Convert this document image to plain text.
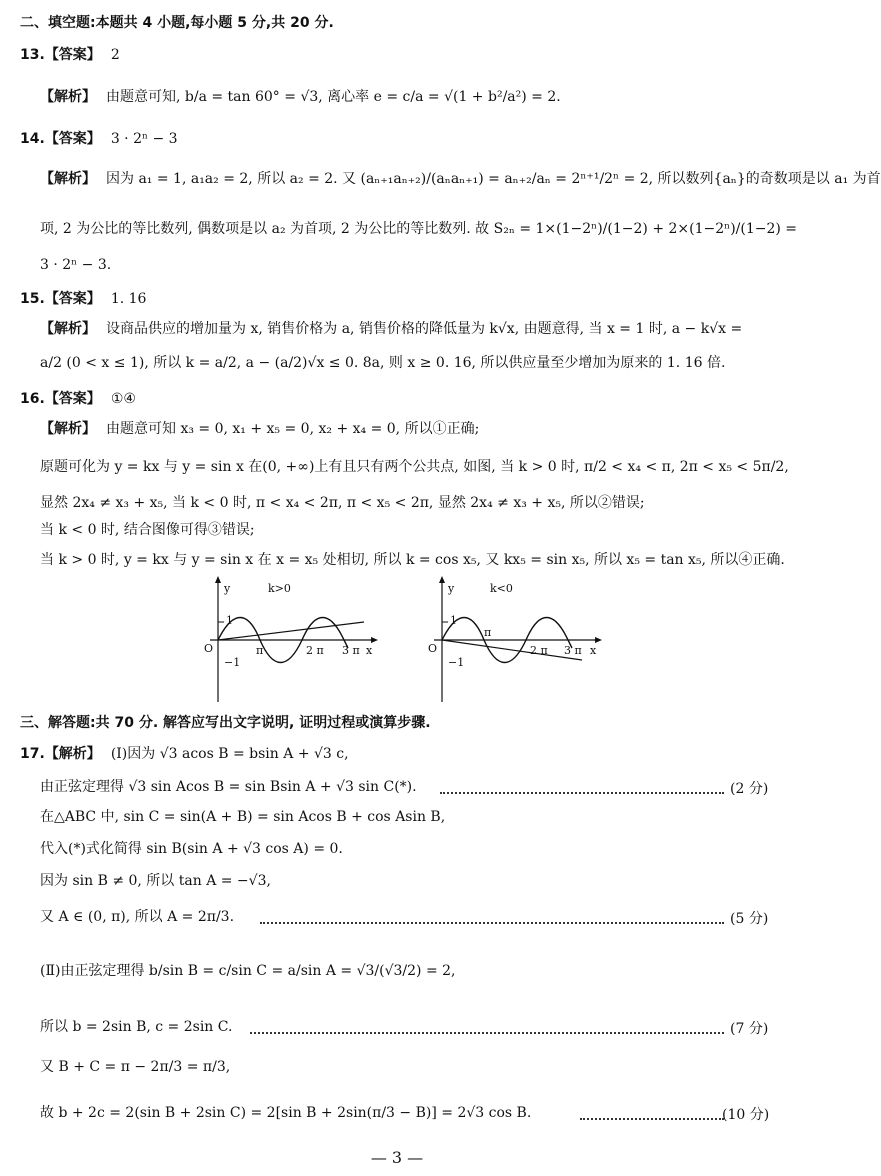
二、填空题:本题共 4 小题,每小题 5 分,共 20 分.
13.【答案】 2
【解析】 由题意可知, b/a = tan 60° = √3, 离心率 e = c/a = √(1 + b²/a²) = 2.
14.【答案】 3 · 2ⁿ − 3
【解析】 因为 a₁ = 1, a₁a₂ = 2, 所以 a₂ = 2. 又 (aₙ₊₁aₙ₊₂)/(aₙaₙ₊₁) = aₙ₊₂/aₙ = 2ⁿ⁺¹/2ⁿ = 2, 所以数列{aₙ}的奇数项是以 a₁ 为首
项, 2 为公比的等比数列, 偶数项是以 a₂ 为首项, 2 为公比的等比数列. 故 S₂ₙ = 1×(1−2ⁿ)/(1−2) + 2×(1−2ⁿ)/(1−2) =
3 · 2ⁿ − 3.
15.【答案】 1. 16
【解析】 设商品供应的增加量为 x, 销售价格为 a, 销售价格的降低量为 k√x, 由题意得, 当 x = 1 时, a − k√x =
a/2 (0 < x ≤ 1), 所以 k = a/2, a − (a/2)√x ≤ 0. 8a, 则 x ≥ 0. 16, 所以供应量至少增加为原来的 1. 16 倍.
16.【答案】 ①④
【解析】 由题意可知 x₃ = 0, x₁ + x₅ = 0, x₂ + x₄ = 0, 所以①正确;
原题可化为 y = kx 与 y = sin x 在(0, +∞)上有且只有两个公共点, 如图, 当 k > 0 时, π/2 < x₄ < π, 2π < x₅ < 5π/2,
显然 2x₄ ≠ x₃ + x₅, 当 k < 0 时, π < x₄ < 2π, π < x₅ < 2π, 显然 2x₄ ≠ x₃ + x₅, 所以②错误;
当 k < 0 时, 结合图像可得③错误;
当 k > 0 时, y = kx 与 y = sin x 在 x = x₅ 处相切, 所以 k = cos x₅, 又 kx₅ = sin x₅, 所以 x₅ = tan x₅, 所以④正确.
y	k>0
1
O
−1
π	2 π 3 π x
y	k<0
1
O
−1
π
2 π 3 π x
三、解答题:共 70 分. 解答应写出文字说明, 证明过程或演算步骤.
17.【解析】 (Ⅰ)因为 √3 acos B = bsin A + √3 c,
由正弦定理得 √3 sin Acos B = sin Bsin A + √3 sin C(*).	(2 分)
在△ABC 中, sin C = sin(A + B) = sin Acos B + cos Asin B,
代入(*)式化简得 sin B(sin A + √3 cos A) = 0.
因为 sin B ≠ 0, 所以 tan A = −√3,
又 A ∈ (0, π), 所以 A = 2π/3.	(5 分)
(Ⅱ)由正弦定理得 b/sin B = c/sin C = a/sin A = √3/(√3/2) = 2,
所以 b = 2sin B, c = 2sin C.	(7 分)
又 B + C = π − 2π/3 = π/3,
故 b + 2c = 2(sin B + 2sin C) = 2[sin B + 2sin(π/3 − B)] = 2√3 cos B.	(10 分)
— 3 —
